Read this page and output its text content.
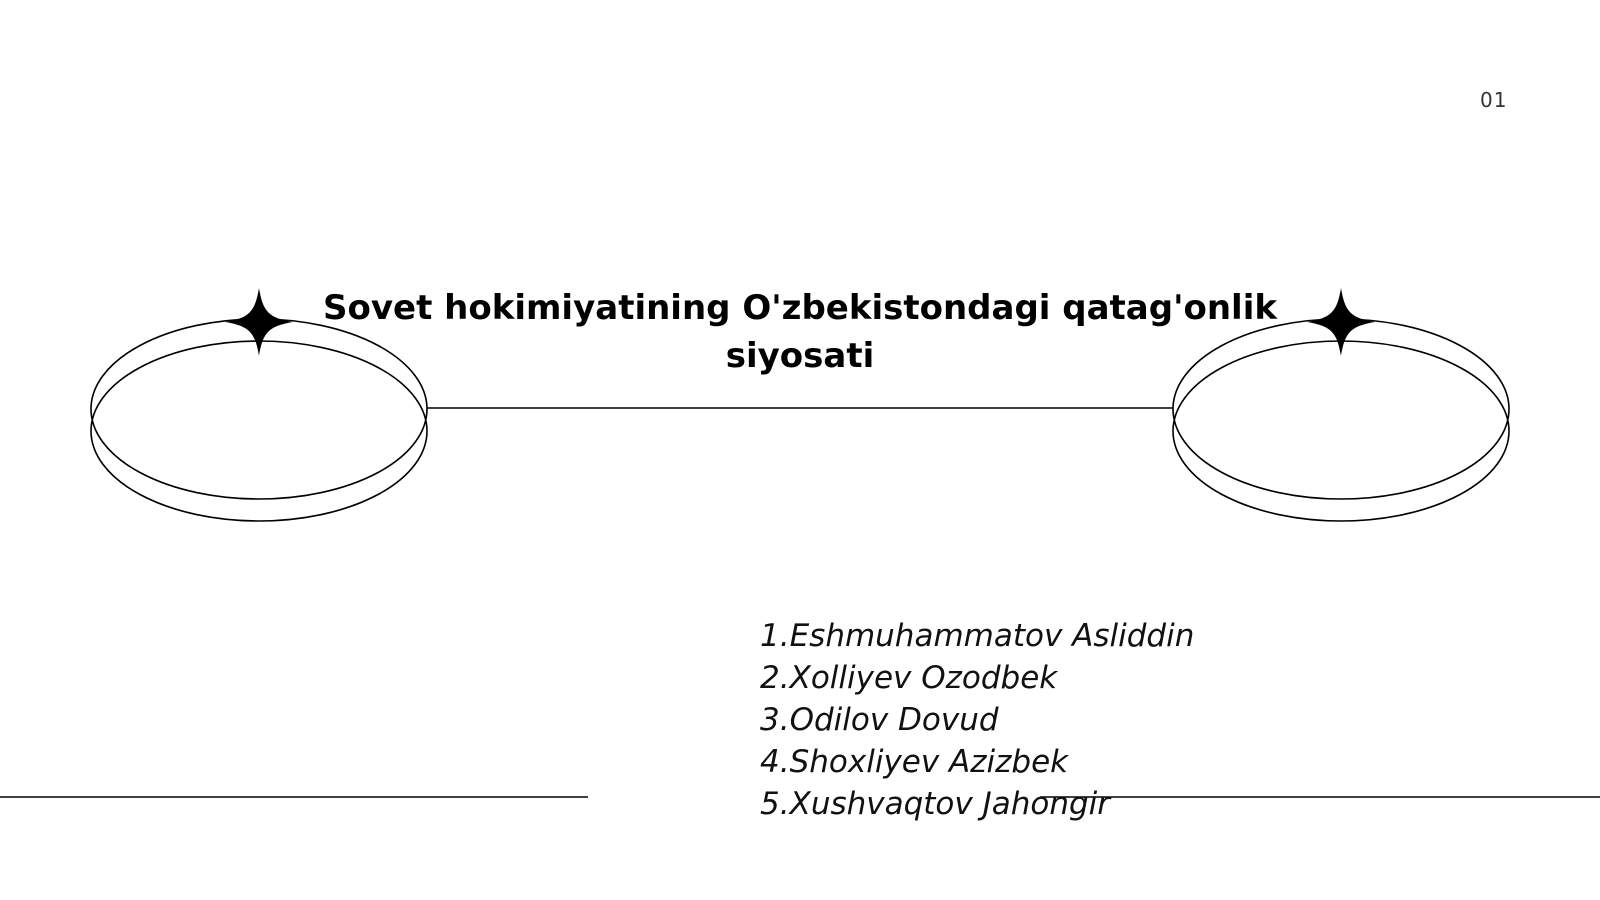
01
Sovet hokimiyatining O'zbekistondagi qatag'onlik siyosati
1.Eshmuhammatov Asliddin
2.Xolliyev Ozodbek
3.Odilov Dovud
4.Shoxliyev Azizbek
5.Xushvaqtov Jahongir
